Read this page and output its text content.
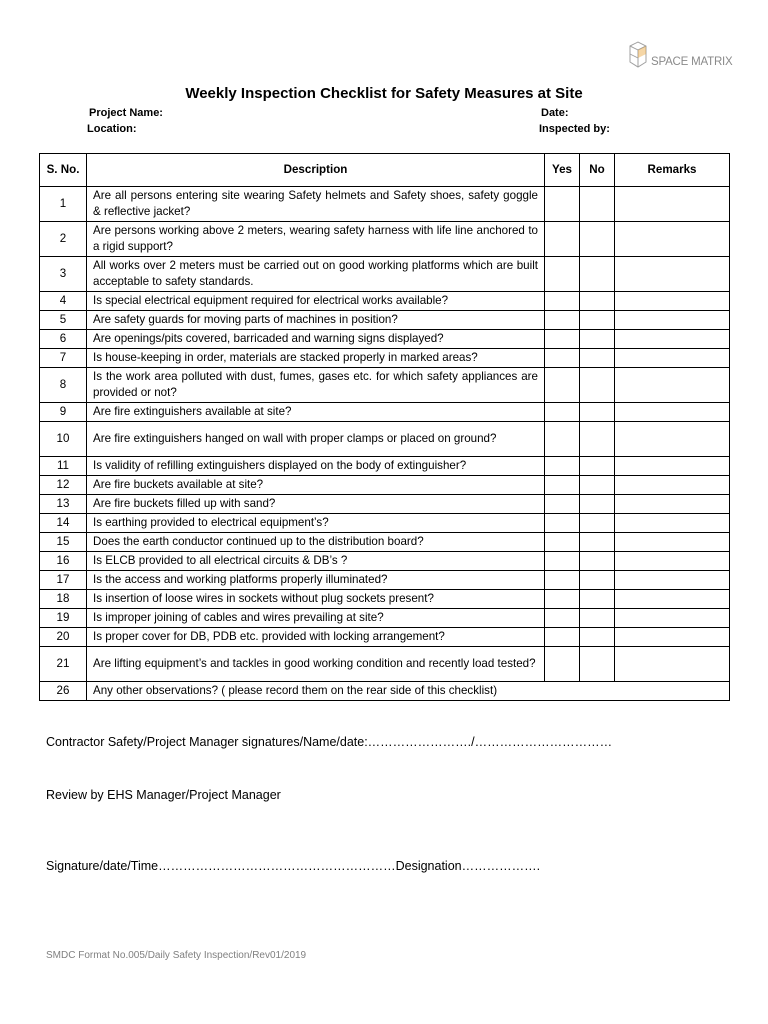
SPACE MATRIX
Weekly Inspection Checklist for Safety Measures at Site
Project Name:
Location:
Date:
Inspected by:
S. No.	Description	Yes	No	Remarks
1	Are all persons entering site wearing Safety helmets and Safety shoes, safety goggle & reflective jacket?			
2	Are persons working above 2 meters, wearing safety harness with life line anchored to a rigid support?			
3	All works over 2 meters must be carried out on good working platforms which are built acceptable to safety standards.			
4	Is special electrical equipment required for electrical works available?			
5	Are safety guards for moving parts of machines in position?			
6	Are openings/pits covered, barricaded and warning signs displayed?			
7	Is house-keeping in order, materials are stacked properly in marked areas?			
8	Is the work area polluted with dust, fumes, gases etc. for which safety appliances are provided or not?			
9	Are fire extinguishers available at site?			
10	Are fire extinguishers hanged on wall with proper clamps or placed on ground?			
11	Is validity of refilling extinguishers displayed on the body of extinguisher?			
12	Are fire buckets available at site?			
13	Are fire buckets filled up with sand?			
14	Is earthing provided to electrical equipment’s?			
15	Does the earth conductor continued up to the distribution board?			
16	Is ELCB provided to all electrical circuits & DB’s ?			
17	Is the access and working platforms properly illuminated?			
18	Is insertion of loose wires in sockets without plug sockets present?			
19	Is improper joining of cables and wires prevailing at site?			
20	Is proper cover for DB, PDB etc. provided with locking arrangement?			
21	Are lifting equipment’s and tackles in good working condition and recently load tested?			
26	Any other observations? ( please record them on the rear side of this checklist)			
Contractor Safety/Project Manager signatures/Name/date:……………………./……………………………
Review by EHS Manager/Project Manager
Signature/date/Time…………………………………………………Designation……………….
SMDC Format No.005/Daily Safety Inspection/Rev01/2019
